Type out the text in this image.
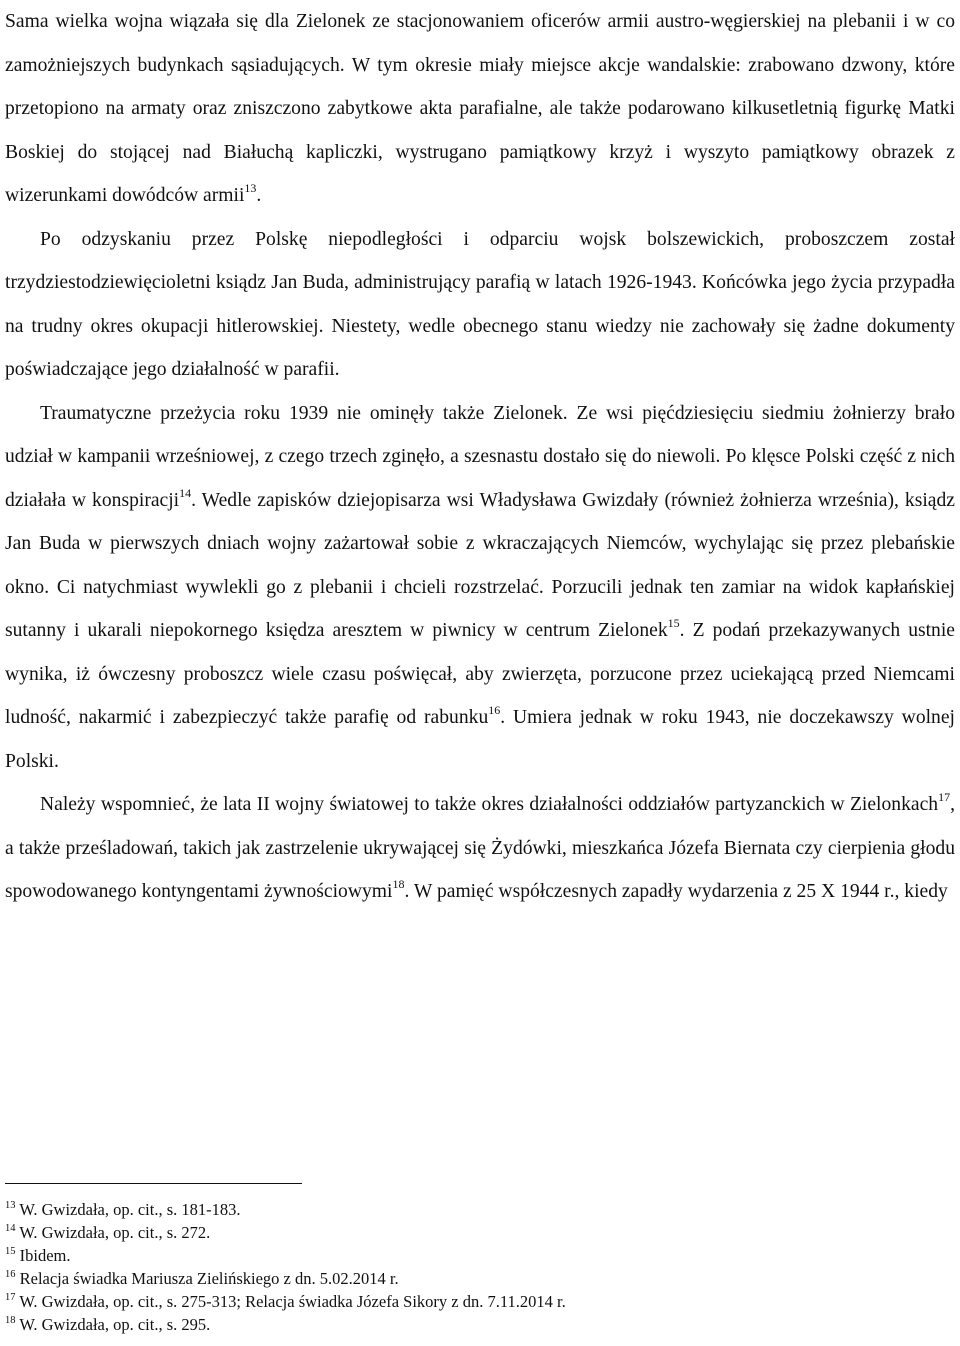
Sama wielka wojna wiązała się dla Zielonek ze stacjonowaniem oficerów armii austro-węgierskiej na plebanii i w co zamożniejszych budynkach sąsiadujących. W tym okresie miały miejsce akcje wandalskie: zrabowano dzwony, które przetopiono na armaty oraz zniszczono zabytkowe akta parafialne, ale także podarowano kilkusetletnią figurkę Matki Boskiej do stojącej nad Białuchą kapliczki, wystrugano pamiątkowy krzyż i wyszyto pamiątkowy obrazek z wizerunkami dowódców armii$^{13}$.

Po odzyskaniu przez Polskę niepodległości i odparciu wojsk bolszewickich, proboszczem został trzydziestodziewięcioletni ksiądz Jan Buda, administrujący parafią w latach 1926-1943. Końcówka jego życia przypadła na trudny okres okupacji hitlerowskiej. Niestety, wedle obecnego stanu wiedzy nie zachowały się żadne dokumenty poświadczające jego działalność w parafii.

Traumatyczne przeżycia roku 1939 nie ominęły także Zielonek. Ze wsi pięćdziesięciu siedmiu żołnierzy brało udział w kampanii wrześniowej, z czego trzech zginęło, a szesnastu dostało się do niewoli. Po klęsce Polski część z nich działała w konspiracji$^{14}$. Wedle zapisków dziejopisarza wsi Władysława Gwizdały (również żołnierza września), ksiądz Jan Buda w pierwszych dniach wojny zażartował sobie z wkraczających Niemców, wychylając się przez plebańskie okno. Ci natychmiast wywlekli go z plebanii i chcieli rozstrzelać. Porzucili jednak ten zamiar na widok kapłańskiej sutanny i ukarali niepokornego księdza aresztem w piwnicy w centrum Zielonek$^{15}$. Z podań przekazywanych ustnie wynika, iż ówczesny proboszcz wiele czasu poświęcał, aby zwierzęta, porzucone przez uciekającą przed Niemcami ludność, nakarmić i zabezpieczyć także parafię od rabunku$^{16}$. Umiera jednak w roku 1943, nie doczekawszy wolnej Polski.

Należy wspomnieć, że lata II wojny światowej to także okres działalności oddziałów partyzanckich w Zielonkach$^{17}$, a także prześladowań, takich jak zastrzelenie ukrywającej się Żydówki, mieszkańca Józefa Biernata czy cierpienia głodu spowodowanego kontyngentami żywnościowymi$^{18}$. W pamięć współczesnych zapadły wydarzenia z 25 X 1944 r., kiedy

$^{13}$ W. Gwizdała, op. cit., s. 181-183.
$^{14}$ W. Gwizdała, op. cit., s. 272.
$^{15}$ Ibidem.
$^{16}$ Relacja świadka Mariusza Zielińskiego z dn. 5.02.2014 r.
$^{17}$ W. Gwizdała, op. cit., s. 275-313; Relacja świadka Józefa Sikory z dn. 7.11.2014 r.
$^{18}$ W. Gwizdała, op. cit., s. 295.
